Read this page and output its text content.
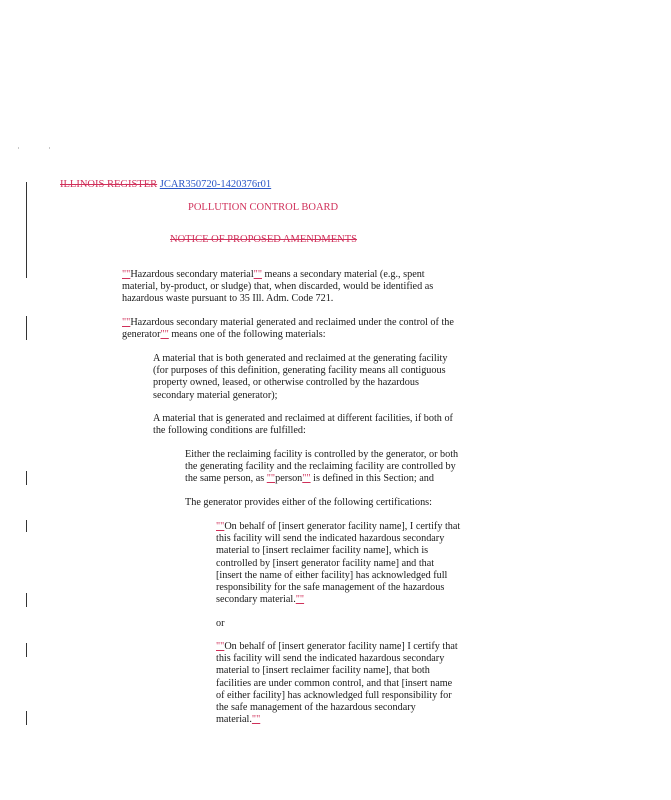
ILLINOIS REGISTER JCAR350720-1420376r01
POLLUTION CONTROL BOARD
NOTICE OF PROPOSED AMENDMENTS
""Hazardous secondary material"" means a secondary material (e.g., spent
material, by-product, or sludge) that, when discarded, would be identified as
hazardous waste pursuant to 35 Ill. Adm. Code 721.
""Hazardous secondary material generated and reclaimed under the control of the
generator"" means one of the following materials:
A material that is both generated and reclaimed at the generating facility
(for purposes of this definition, generating facility means all contiguous
property owned, leased, or otherwise controlled by the hazardous
secondary material generator);
A material that is generated and reclaimed at different facilities, if both of
the following conditions are fulfilled:
Either the reclaiming facility is controlled by the generator, or both
the generating facility and the reclaiming facility are controlled by
the same person, as ""person"" is defined in this Section; and
The generator provides either of the following certifications:
""On behalf of [insert generator facility name], I certify that
this facility will send the indicated hazardous secondary
material to [insert reclaimer facility name], which is
controlled by [insert generator facility name] and that
[insert the name of either facility] has acknowledged full
responsibility for the safe management of the hazardous
secondary material.""
or
""On behalf of [insert generator facility name] I certify that
this facility will send the indicated hazardous secondary
material to [insert reclaimer facility name], that both
facilities are under common control, and that [insert name
of either facility] has acknowledged full responsibility for
the safe management of the hazardous secondary
material.""
